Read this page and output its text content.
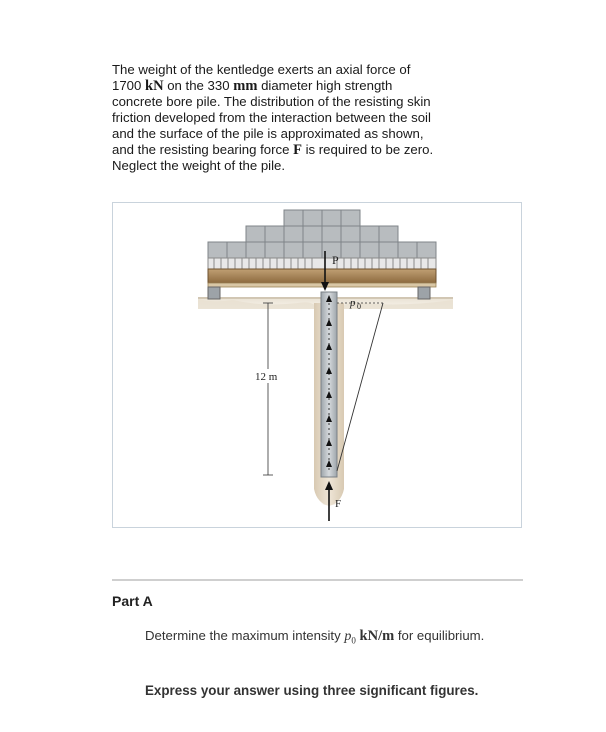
The weight of the kentledge exerts an axial force of
1700 kN on the 330 mm diameter high strength
concrete bore pile. The distribution of the resisting skin
friction developed from the interaction between the soil
and the surface of the pile is approximated as shown,
and the resisting bearing force F is required to be zero.
Neglect the weight of the pile.
P
p 0
12 m
F
Part A
Determine the maximum intensity $p_0$ kN/m for equilibrium.
Express your answer using three significant figures.
